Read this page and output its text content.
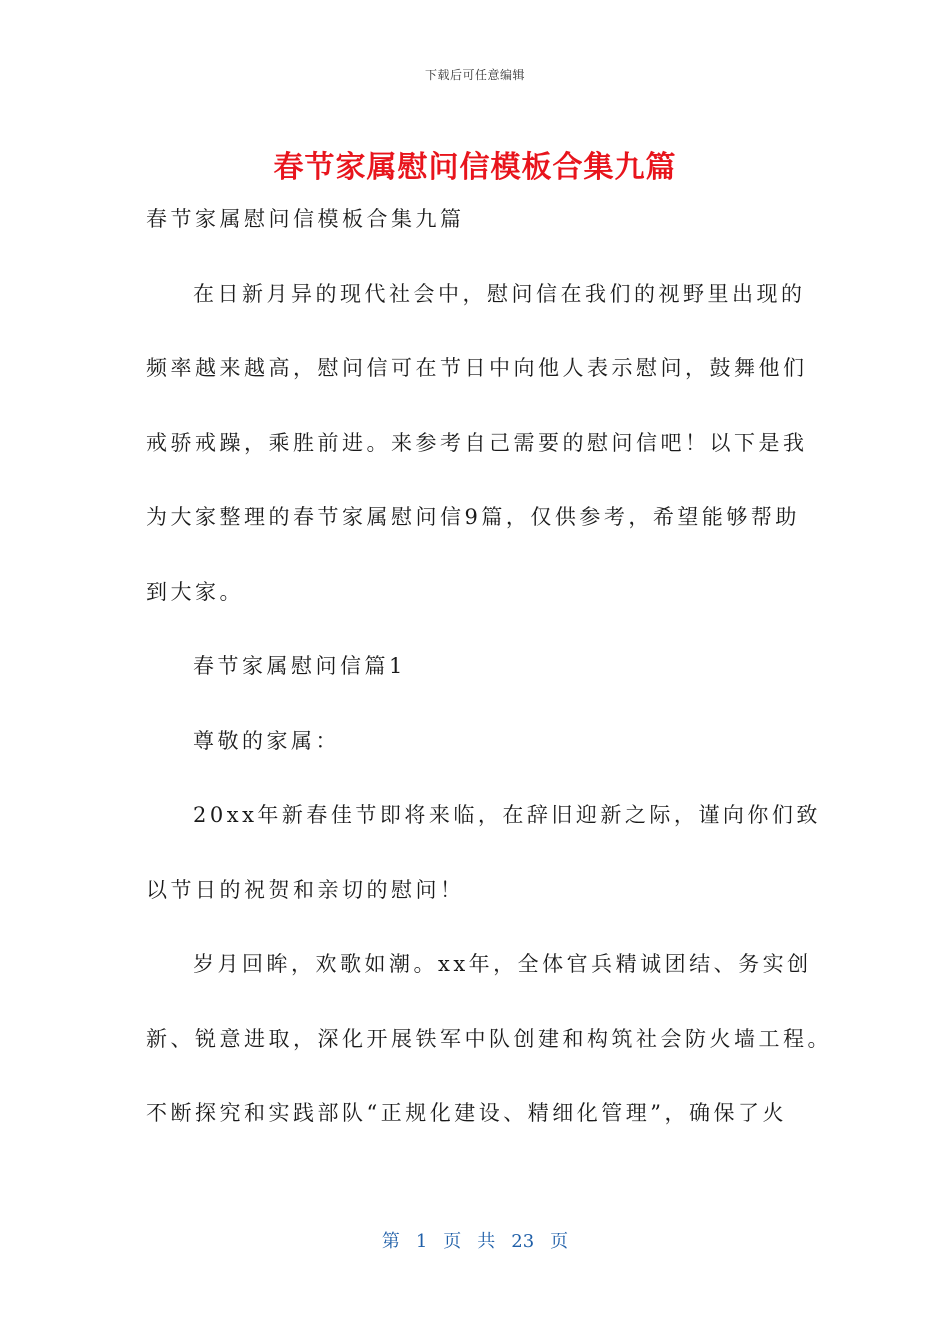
下载后可任意编辑
春节家属慰问信模板合集九篇
春节家属慰问信模板合集九篇
在日新月异的现代社会中，慰问信在我们的视野里出现的
频率越来越高，慰问信可在节日中向他人表示慰问，鼓舞他们
戒骄戒躁，乘胜前进。来参考自己需要的慰问信吧！以下是我
为大家整理的春节家属慰问信9篇，仅供参考，希望能够帮助
到大家。
春节家属慰问信篇1
尊敬的家属：
20xx年新春佳节即将来临，在辞旧迎新之际，谨向你们致
以节日的祝贺和亲切的慰问！
岁月回眸，欢歌如潮。xx年，全体官兵精诚团结、务实创
新、锐意进取，深化开展铁军中队创建和构筑社会防火墙工程。
不断探究和实践部队“正规化建设、精细化管理”，确保了火
第 1 页 共 23 页
